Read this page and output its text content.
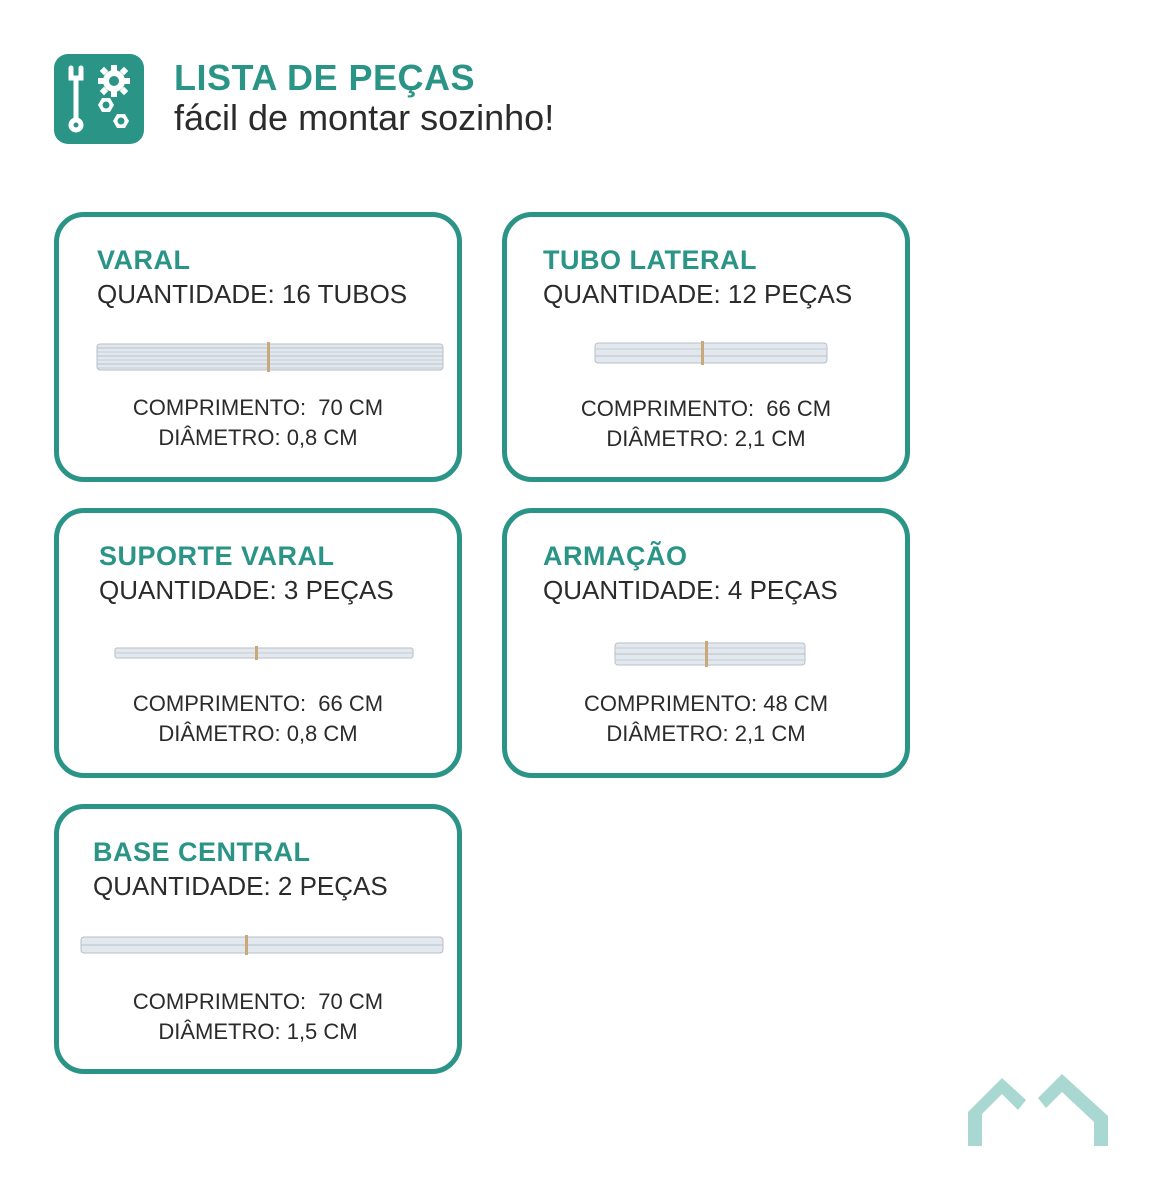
LISTA DE PEÇAS
fácil de montar sozinho!
VARAL
QUANTIDADE: 16 TUBOS
COMPRIMENTO:  70 CM
DIÂMETRO: 0,8 CM
TUBO LATERAL
QUANTIDADE: 12 PEÇAS
COMPRIMENTO:  66 CM
DIÂMETRO: 2,1 CM
SUPORTE VARAL
QUANTIDADE: 3 PEÇAS
COMPRIMENTO:  66 CM
DIÂMETRO: 0,8 CM
ARMAÇÃO
QUANTIDADE: 4 PEÇAS
COMPRIMENTO: 48 CM
DIÂMETRO: 2,1 CM
BASE CENTRAL
QUANTIDADE: 2 PEÇAS
COMPRIMENTO:  70 CM
DIÂMETRO: 1,5 CM
